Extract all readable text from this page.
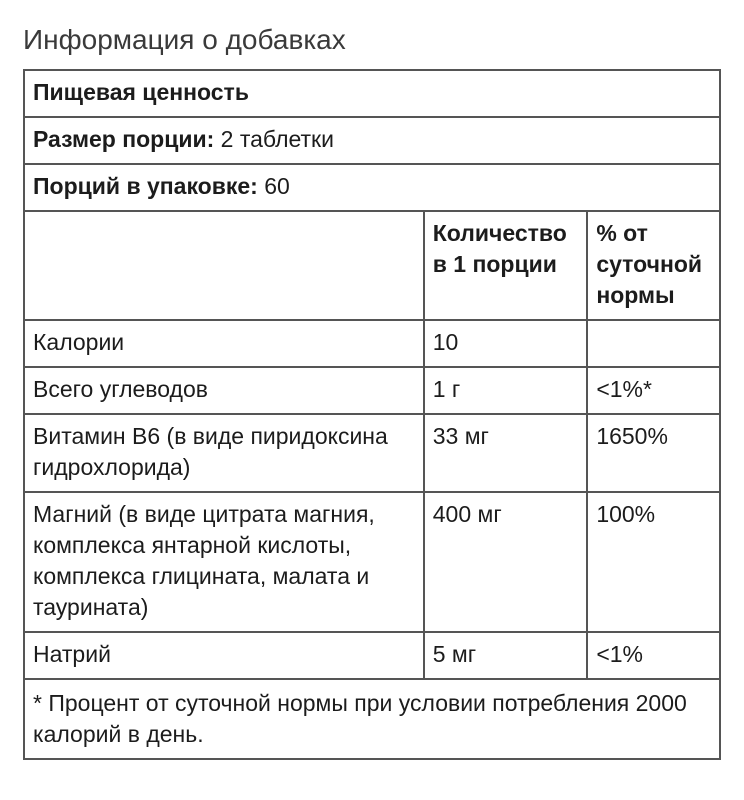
Информация о добавках
Пищевая ценность		
Размер порции: 2 таблетки		
Порций в упаковке: 60		
	Количество в 1 порции	% от суточной нормы
Калории	10	
Всего углеводов	1 г	<1%*
Витамин B6 (в виде пиридоксина гидрохлорида)	33 мг	1650%
Магний (в виде цитрата магния, комплекса янтарной кислоты, комплекса глицината, малата и таурината)	400 мг	100%
Натрий	5 мг	<1%
* Процент от суточной нормы при условии потребления 2000 калорий в день.		
